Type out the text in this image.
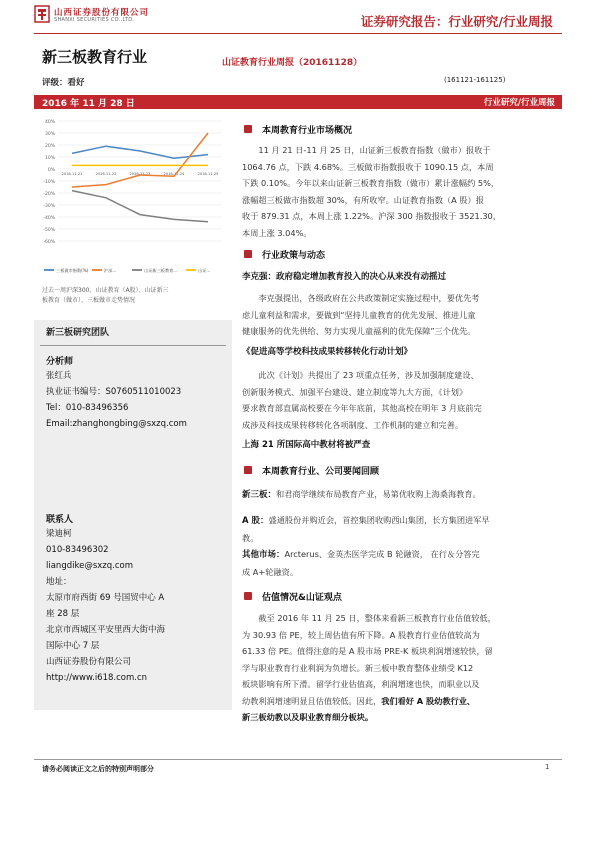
山西证券股份有限公司
SHANXI SECURITIES CO.,LTD.	证券研究报告：行业研究/行业周报
新三板教育行业	山证教育行业周报（20161128）
评级：看好	(161121-161125)
2016 年 11 月 28 日	行业研究/行业周报
40%
30%
20%
10%
0%
-10%
-20%
-30%
-40%
-50%
-60%
2016-11-21	2016-11-22	2016-11-23	2016-11-24	2016-11-25
三板做市指数(%)	沪深...	山证新三板教育...	山证...
过去一周沪深300、山证教育（A股）、山证新三
板教育（做市）、三板做市走势情况
新三板研究团队
分析师
张红兵
执业证书编号：S0760511010023
Tel：010-83496356
Email:zhanghongbing@sxzq.com
联系人
梁迪柯
010-83496302
liangdike@sxzq.com
地址：
太原市府西街 69 号国贸中心 A
座 28 层
北京市西城区平安里西大街中海
国际中心 7 层
山西证券股份有限公司
http://www.i618.com.cn
本周教育行业市场概况
11 月 21 日-11 月 25 日，山证新三板教育指数（做市）报收于
1064.76 点，下跌 4.68%。三板做市指数报收于 1090.15 点，本周
下跌 0.10%。今年以来山证新三板教育指数（做市）累计涨幅约 5%，
涨幅超三板做市指数超 30%，有所收窄。山证教育指数（A 股）报
收于 879.31 点，本周上涨 1.22%。沪深 300 指数报收于 3521.30，
本周上涨 3.04%。
行业政策与动态
李克强：政府稳定增加教育投入的决心从来没有动摇过
李克强提出，各级政府在公共政策制定实施过程中，要优先考
虑儿童利益和需求，要做到“坚持儿童教育的优先发展、推进儿童
健康服务的优先供给、努力实现儿童福利的优先保障”三个优先。
《促进高等学校科技成果转移转化行动计划》
此次《计划》共提出了 23 项重点任务，涉及加强制度建设、
创新服务模式、加强平台建设、建立制度等九大方面，《计划》
要求教育部直属高校要在今年年底前，其他高校在明年 3 月底前完
成涉及科技成果转移转化各项制度、工作机制的建立和完善。
上海 21 所国际高中教材将被严查
本周教育行业、公司要闻回顾
新三板：和君商学继续布局教育产业，易第优收购上海桑海教育。
A 股：盛通股份并购近会，首控集团收购西山集团，长方集团进军早
教。
其他市场：Arcterus、金英杰医学完成 B 轮融资， 在行＆分答完
成 A+轮融资。
估值情况&山证观点
截至 2016 年 11 月 25 日，整体来看新三板教育行业估值较低，
为 30.93 倍 PE，较上周估值有所下降。A 股教育行业估值较高为
61.33 倍 PE。值得注意的是 A 股市场 PRE-K 板块利润增速较快，留
学与职业教育行业利润为负增长。新三板中教育整体业绩受 K12
板块影响有所下滑。留学行业估值高，利润增速也快，而职业以及
幼教利润增速明显且估值较低。因此，我们看好 A 股幼教行业、
新三板幼教以及职业教育细分板块。
请务必阅读正文之后的特别声明部分	1
